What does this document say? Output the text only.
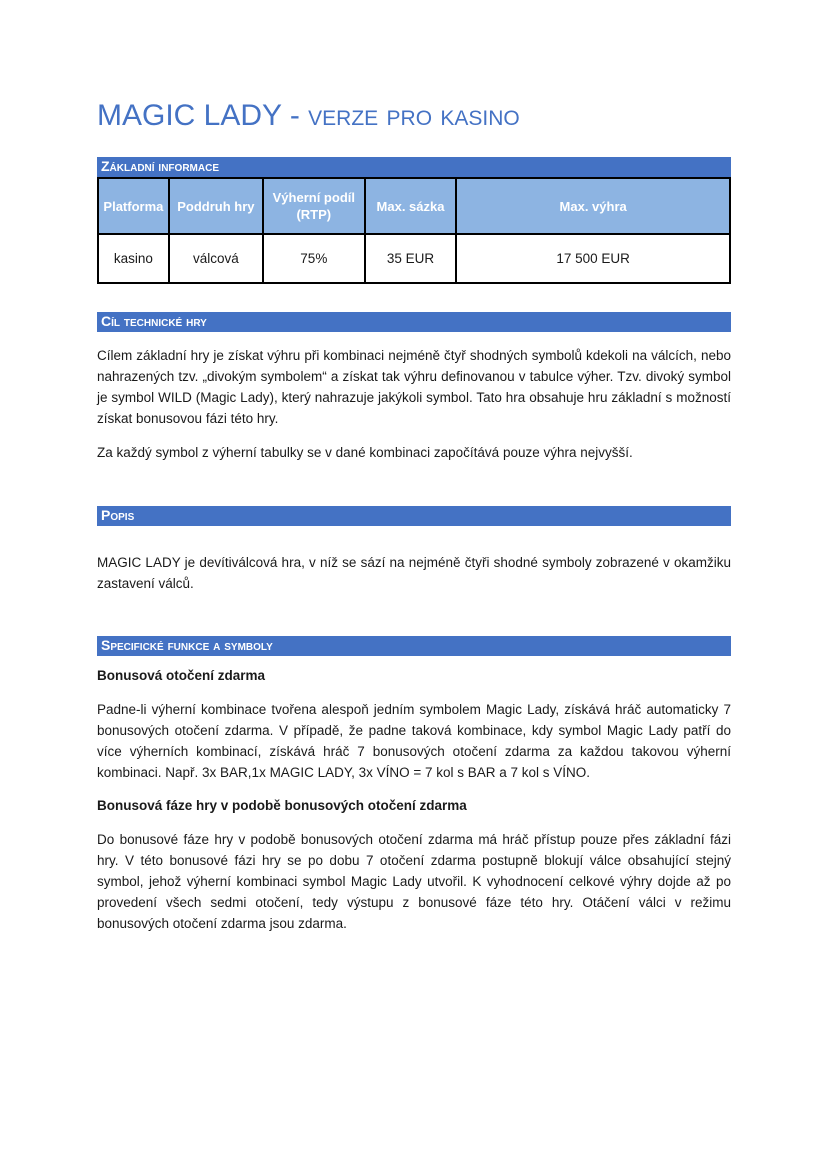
MAGIC LADY - verze pro kasino
Základní informace
Platforma	Poddruh hry	Výherní podíl (RTP)	Max. sázka	Max. výhra
kasino	válcová	75%	35 EUR	17 500 EUR
Cíl technické hry

Cílem základní hry je získat výhru při kombinaci nejméně čtyř shodných symbolů kdekoli na válcích, nebo nahrazených tzv. „divokým symbolem“ a získat tak výhru definovanou v tabulce výher. Tzv. divoký symbol je symbol WILD (Magic Lady), který nahrazuje jakýkoli symbol. Tato hra obsahuje hru základní s možností získat bonusovou fázi této hry.

Za každý symbol z výherní tabulky se v dané kombinaci započítává pouze výhra nejvyšší.

Popis

MAGIC LADY je devítiválcová hra, v níž se sází na nejméně čtyři shodné symboly zobrazené v okamžiku zastavení válců.

Specifické funkce a symboly
Bonusová otočení zdarma

Padne-li výherní kombinace tvořena alespoň jedním symbolem Magic Lady, získává hráč automaticky 7 bonusových otočení zdarma. V případě, že padne taková kombinace, kdy symbol Magic Lady patří do více výherních kombinací, získává hráč 7 bonusových otočení zdarma za každou takovou výherní kombinaci. Např. 3x BAR,1x MAGIC LADY, 3x VÍNO = 7 kol s BAR a 7 kol s VÍNO.

Bonusová fáze hry v podobě bonusových otočení zdarma

Do bonusové fáze hry v podobě bonusových otočení zdarma má hráč přístup pouze přes základní fázi hry. V této bonusové fázi hry se po dobu 7 otočení zdarma postupně blokují válce obsahující stejný symbol, jehož výherní kombinaci symbol Magic Lady utvořil. K vyhodnocení celkové výhry dojde až po provedení všech sedmi otočení, tedy výstupu z bonusové fáze této hry. Otáčení válci v režimu bonusových otočení zdarma jsou zdarma.
